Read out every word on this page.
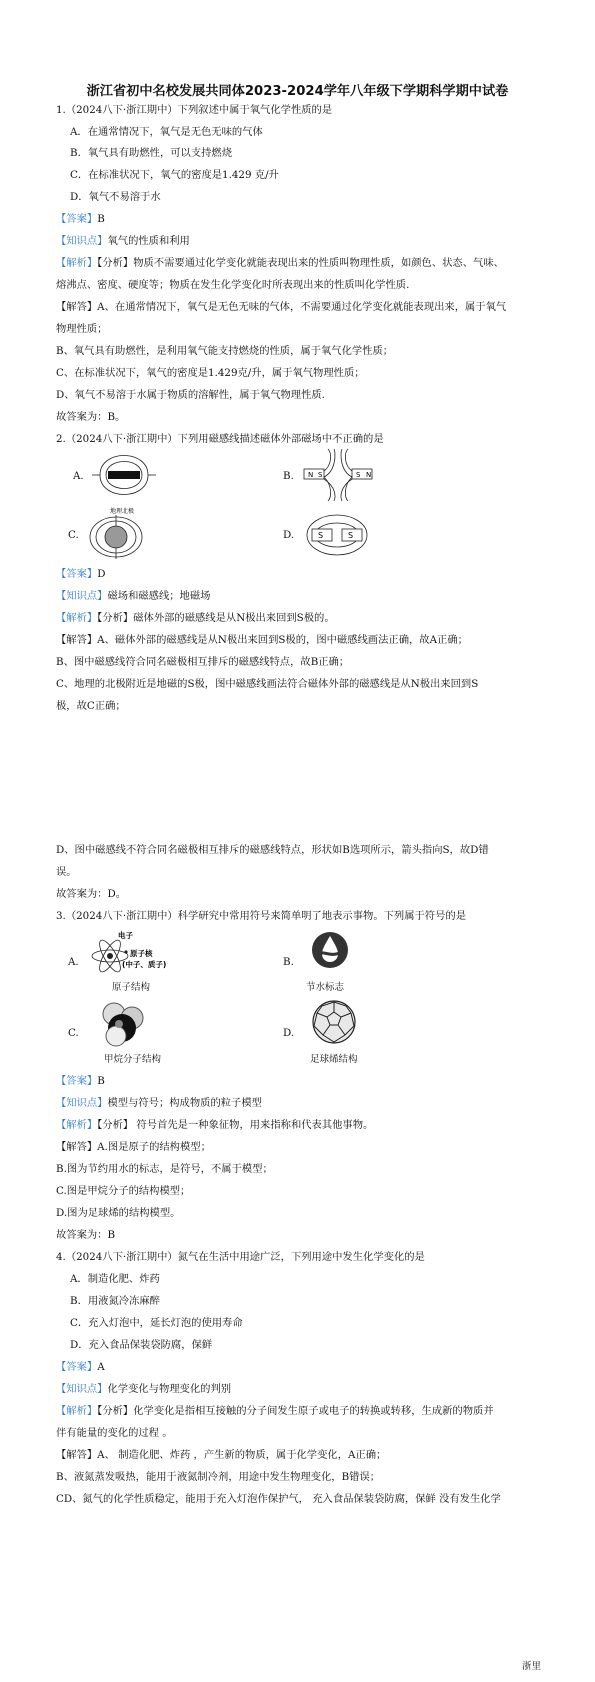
浙江省初中名校发展共同体2023-2024学年八年级下学期科学期中试卷
1.（2024八下·浙江期中）下列叙述中属于氧气化学性质的是
A．在通常情况下，氧气是无色无味的气体
B．氧气具有助燃性，可以支持燃烧
C．在标准状况下，氧气的密度是1.429 克/升
D．氧气不易溶于水
【答案】B
【知识点】氧气的性质和利用
【解析】【分析】物质不需要通过化学变化就能表现出来的性质叫物理性质，如颜色、状态、气味、
熔沸点、密度、硬度等；物质在发生化学变化时所表现出来的性质叫化学性质.
【解答】A、在通常情况下，氧气是无色无味的气体，不需要通过化学变化就能表现出来，属于氧气
物理性质；
B、氧气具有助燃性，是利用氧气能支持燃烧的性质，属于氧气化学性质；
C、在标准状况下，氧气的密度是1.429克/升，属于氧气物理性质；
D、氧气不易溶于水属于物质的溶解性，属于氧气物理性质.
故答案为：B。
2.（2024八下·浙江期中）下列用磁感线描述磁体外部磁场中不正确的是
A.	B. N S	S N
C.
地理北极
D.	S	S
【答案】D
【知识点】磁场和磁感线；地磁场
【解析】【分析】磁体外部的磁感线是从N极出来回到S极的。
【解答】A、磁体外部的磁感线是从N极出来回到S极的，图中磁感线画法正确，故A正确；
B、图中磁感线符合同名磁极相互排斥的磁感线特点，故B正确；
C、地理的北极附近是地磁的S极，图中磁感线画法符合磁体外部的磁感线是从N极出来回到S
极，故C正确；
D、图中磁感线不符合同名磁极相互排斥的磁感线特点，形状如B选项所示，箭头指向S，故D错
误。
故答案为：D。
3.（2024八下·浙江期中）科学研究中常用符号来简单明了地表示事物。下列属于符号的是
A.
电子
原子核
(中子、质子)
原子结构
B.
节水标志
C.
甲烷分子结构
D.
足球烯结构
【答案】B
【知识点】模型与符号；构成物质的粒子模型
【解析】【分析】 符号首先是一种象征物，用来指称和代表其他事物。
【解答】A.图是原子的结构模型；
B.图为节约用水的标志，是符号，不属于模型；
C.图是甲烷分子的结构模型；
D.图为足球烯的结构模型。
故答案为：B
4.（2024八下·浙江期中）氮气在生活中用途广泛，下列用途中发生化学变化的是
A．制造化肥、炸药
B．用液氮冷冻麻醉
C．充入灯泡中，延长灯泡的使用寿命
D．充入食品保装袋防腐，保鲜
【答案】A
【知识点】化学变化与物理变化的判别
【解析】【分析】化学变化是指相互接触的分子间发生原子或电子的转换或转移，生成新的物质并
伴有能量的变化的过程 。
【解答】A、 制造化肥、炸药 ，产生新的物质，属于化学变化，A正确；
B、液氮蒸发吸热，能用于液氮制冷剂，用途中发生物理变化，B错误；
CD、氮气的化学性质稳定，能用于充入灯泡作保护气， 充入食品保装袋防腐，保鲜 没有发生化学
浙里
